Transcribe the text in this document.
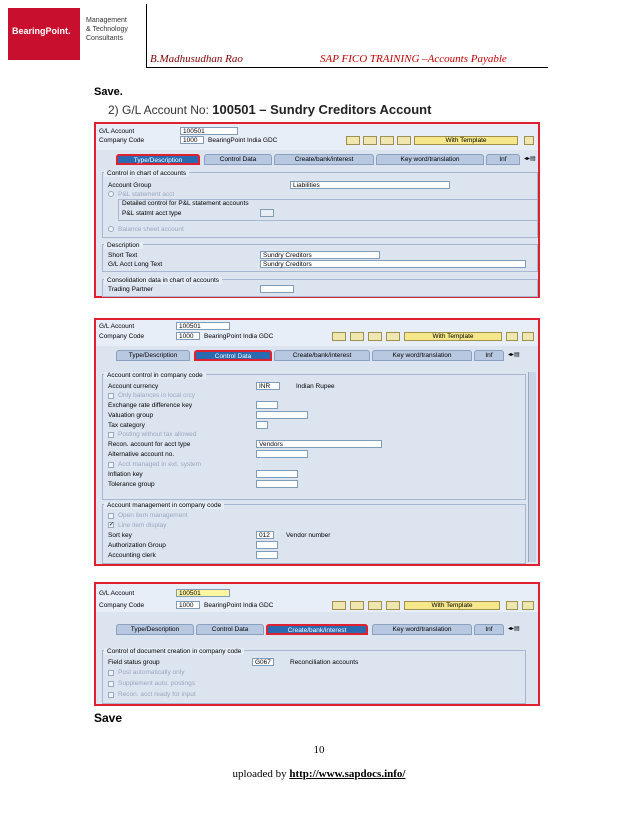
BearingPoint.
Management
& Technology
Consultants
B.Madhusudhan Rao	SAP FICO TRAINING –Accounts Payable
Save.
2) G/L Account No: 100501 – Sundry Creditors Account
G/L Account	100501
Company Code	1000	BearingPoint India GDC	With Template
Type/Description	Control Data	Create/bank/interest	Key word/translation	Inf	◂▸▤
Control in chart of accounts
Account Group	Liabilities
P&L statement acct
Detailed control for P&L statement accounts
P&L statmt acct type
Balance sheet account
Description
Short Text	Sundry Creditors
G/L Acct Long Text	Sundry Creditors
Consolidation data in chart of accounts
Trading Partner
G/L Account	100501
Company Code	1000	BearingPoint India GDC	With Template
Type/Description	Control Data	Create/bank/interest	Key word/translation	Inf	◂▸▤
Account control in company code
Account currency	INR	Indian Rupee
Only balances in local crcy
Exchange rate difference key
Valuation group
Tax category
Posting without tax allowed
Recon. account for acct type	Vendors
Alternative account no.
Acct managed in ext. system
Inflation key
Tolerance group
Account management in company code
Open item management
✓ Line item display
Sort key	012	Vendor number
Authorization Group
Accounting clerk
G/L Account	100501
Company Code	1000	BearingPoint India GDC	With Template
Type/Description	Control Data	Create/bank/interest	Key word/translation	Inf	◂▸▤
Control of document creation in company code
Field status group	G067	Reconciliation accounts
Post automatically only
Supplement auto. postings
Recon. acct ready for input
Save
10
uploaded by http://www.sapdocs.info/
